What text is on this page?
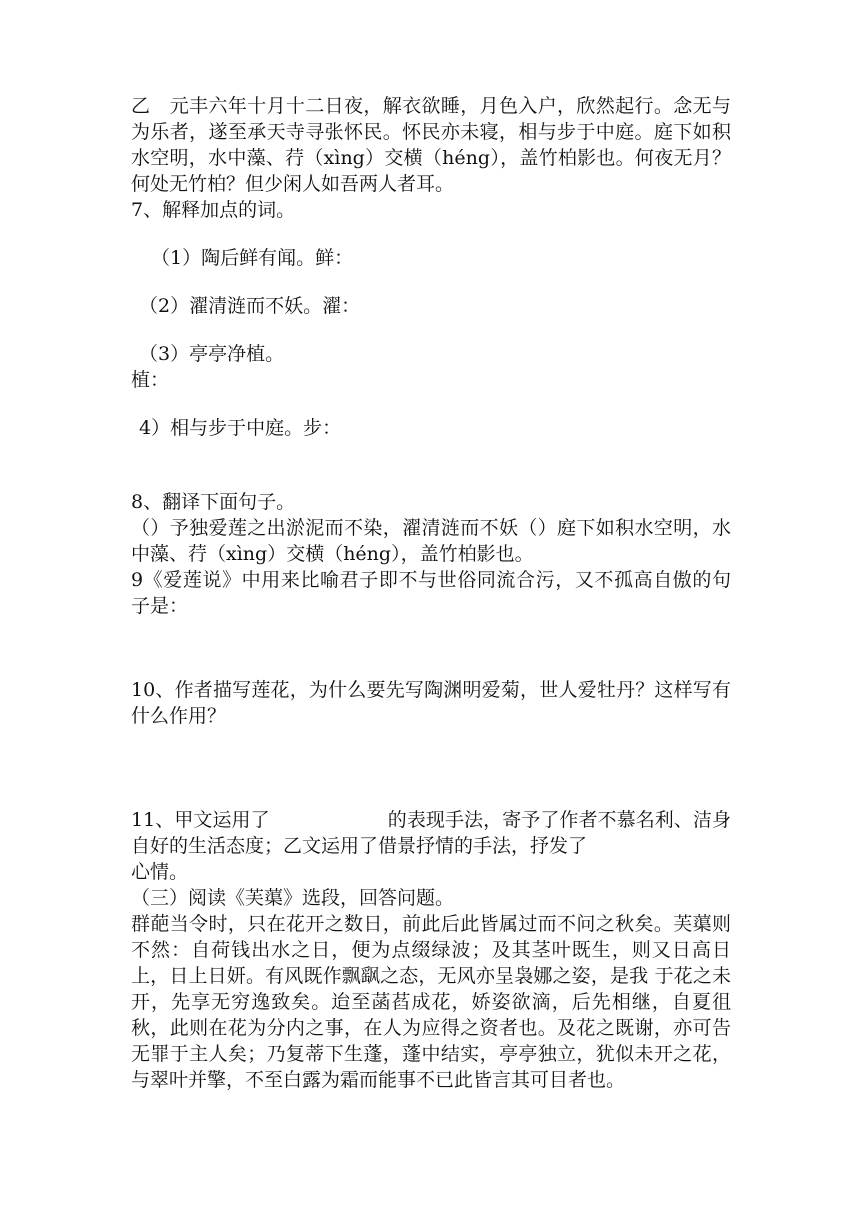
乙　元丰六年十月十二日夜，解衣欲睡，月色入户，欣然起行。念无与为乐者，遂至承天寺寻张怀民。怀民亦未寝，相与步于中庭。庭下如积水空明，水中藻、荇（xìng）交横（héng），盖竹柏影也。何夜无月？何处无竹柏？但少闲人如吾两人者耳。

7、解释加点的词。

（1）陶后鲜有闻。鲜：

（2）濯清涟而不妖。濯：

（3）亭亭净植。

植：

4）相与步于中庭。步：

8、翻译下面句子。

（）予独爱莲之出淤泥而不染，濯清涟而不妖（）庭下如积水空明，水中藻、荇（xìng）交横（héng），盖竹柏影也。

9《爱莲说》中用来比喻君子即不与世俗同流合污，又不孤高自傲的句子是：

10、作者描写莲花，为什么要先写陶渊明爱菊，世人爱牡丹？这样写有什么作用？

11、甲文运用了	的表现手法，寄予了作者不慕名利、洁身自好的生活态度；乙文运用了借景抒情的手法，抒发了

心情。

（三）阅读《芙蕖》选段，回答问题。

群葩当令时，只在花开之数日，前此后此皆属过而不问之秋矣。芙蕖则不然：自荷钱出水之日，便为点缀绿波；及其茎叶既生，则又日高日上，日上日妍。有风既作飘飖之态，无风亦呈袅娜之姿，是我 于花之未开，先享无穷逸致矣。迨至菡萏成花，娇姿欲滴，后先相继，自夏徂秋，此则在花为分内之事，在人为应得之资者也。及花之既谢，亦可告无罪于主人矣；乃复蒂下生蓬，蓬中结实，亭亭独立，犹似未开之花，与翠叶并擎，不至白露为霜而能事不已此皆言其可目者也。
